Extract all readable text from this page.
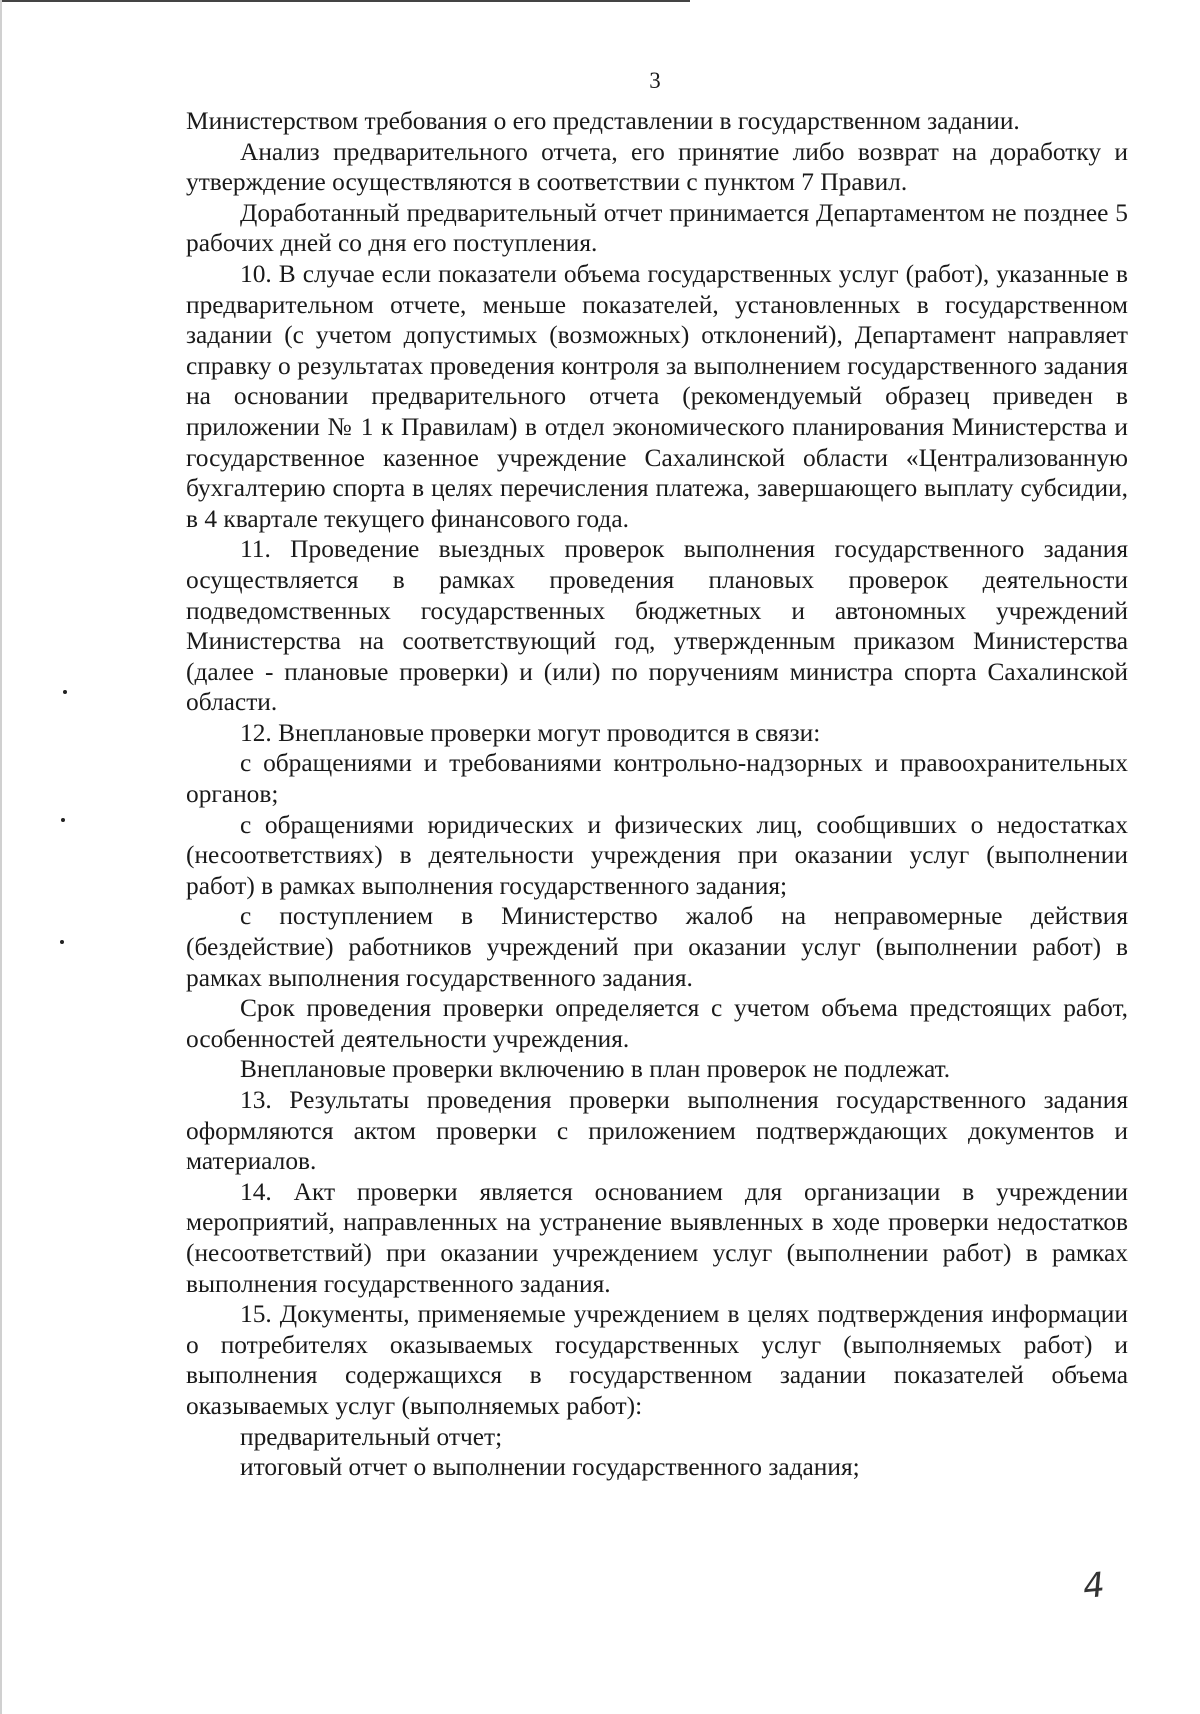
3

Министерством требования о его представлении в государственном задании.

Анализ предварительного отчета, его принятие либо возврат на доработку и утверждение осуществляются в соответствии с пунктом 7 Правил.

Доработанный предварительный отчет принимается Департаментом не позднее 5 рабочих дней со дня его поступления.

10. В случае если показатели объема государственных услуг (работ), указанные в предварительном отчете, меньше показателей, установленных в государственном задании (с учетом допустимых (возможных) отклонений), Департамент направляет справку о результатах проведения контроля за выполнением государственного задания на основании предварительного отчета (рекомендуемый образец приведен в приложении № 1 к Правилам) в отдел экономического планирования Министерства и государственное казенное учреждение Сахалинской области «Централизованную бухгалтерию спорта в целях перечисления платежа, завершающего выплату субсидии, в 4 квартале текущего финансового года.

11. Проведение выездных проверок выполнения государственного задания осуществляется в рамках проведения плановых проверок деятельности подведомственных государственных бюджетных и автономных учреждений Министерства на соответствующий год, утвержденным приказом Министерства (далее - плановые проверки) и (или) по поручениям министра спорта Сахалинской области.

12. Внеплановые проверки могут проводится в связи:

с обращениями и требованиями контрольно-надзорных и правоохранительных органов;

с обращениями юридических и физических лиц, сообщивших о недостатках (несоответствиях) в деятельности учреждения при оказании услуг (выполнении работ) в рамках выполнения государственного задания;

с поступлением в Министерство жалоб на неправомерные действия (бездействие) работников учреждений при оказании услуг (выполнении работ) в рамках выполнения государственного задания.

Срок проведения проверки определяется с учетом объема предстоящих работ, особенностей деятельности учреждения.

Внеплановые проверки включению в план проверок не подлежат.

13. Результаты проведения проверки выполнения государственного задания оформляются актом проверки с приложением подтверждающих документов и материалов.

14. Акт проверки является основанием для организации в учреждении мероприятий, направленных на устранение выявленных в ходе проверки недостатков (несоответствий) при оказании учреждением услуг (выполнении работ) в рамках выполнения государственного задания.

15. Документы, применяемые учреждением в целях подтверждения информации о потребителях оказываемых государственных услуг (выполняемых работ) и выполнения содержащихся в государственном задании показателей объема оказываемых услуг (выполняемых работ):

предварительный отчет;

итоговый отчет о выполнении государственного задания;

4
